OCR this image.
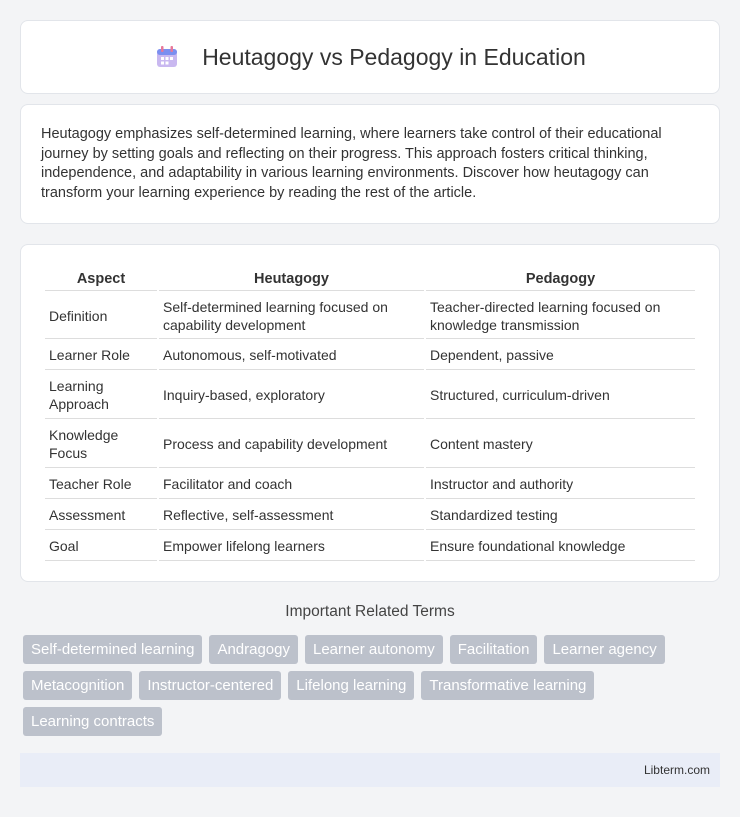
Heutagogy vs Pedagogy in Education

Heutagogy emphasizes self-determined learning, where learners take control of their educational journey by setting goals and reflecting on their progress. This approach fosters critical thinking, independence, and adaptability in various learning environments. Discover how heutagogy can transform your learning experience by reading the rest of the article.

Aspect	Heutagogy	Pedagogy
Definition	Self-determined learning focused on capability development	Teacher-directed learning focused on knowledge transmission
Learner Role	Autonomous, self-motivated	Dependent, passive
Learning Approach	Inquiry-based, exploratory	Structured, curriculum-driven
Knowledge Focus	Process and capability development	Content mastery
Teacher Role	Facilitator and coach	Instructor and authority
Assessment	Reflective, self-assessment	Standardized testing
Goal	Empower lifelong learners	Ensure foundational knowledge
Important Related Terms
Self-determined learning	Andragogy	Learner autonomy	Facilitation	Learner agency
Metacognition	Instructor-centered	Lifelong learning	Transformative learning
Learning contracts
Libterm.com
